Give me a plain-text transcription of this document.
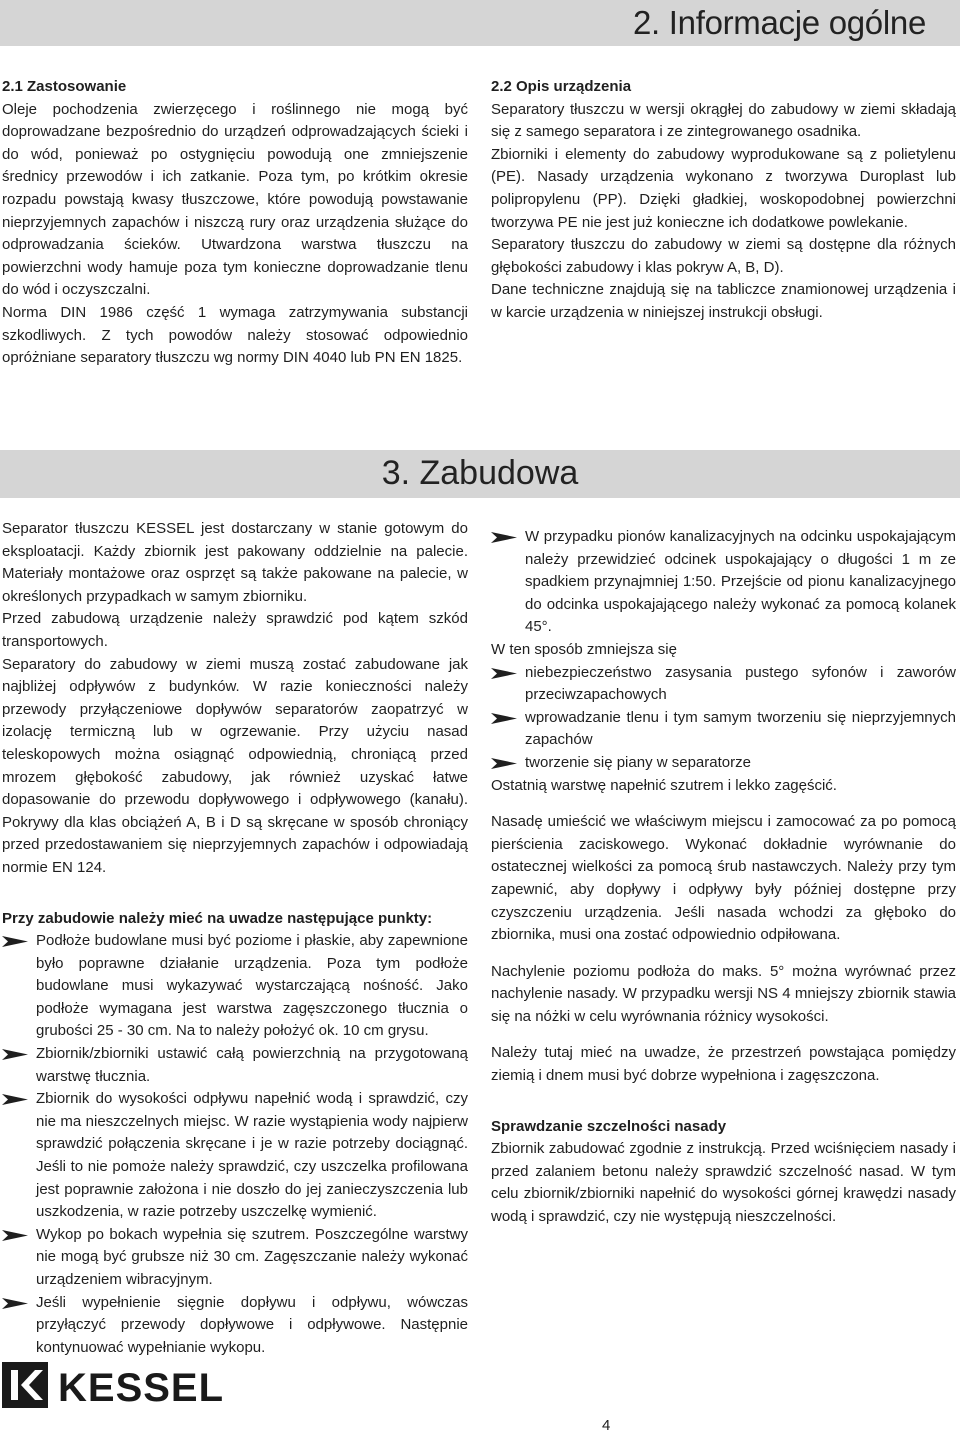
2. Informacje ogólne

2.1 Zastosowanie

Oleje pochodzenia zwierzęcego i roślinnego nie mogą być doprowadzane bezpośrednio do urządzeń odprowadzających ścieki i do wód, ponieważ po ostygnięciu powodują one zmniejszenie średnicy przewodów i ich zatkanie. Poza tym, po krótkim okresie rozpadu powstają kwasy tłuszczowe, które powodują powstawanie nieprzyjemnych zapachów i niszczą rury oraz urządzenia służące do odprowadzania ścieków. Utwardzona warstwa tłuszczu na powierzchni wody hamuje poza tym konieczne doprowadzanie tlenu do wód i oczyszczalni.

Norma DIN 1986 część 1 wymaga zatrzymywania substancji szkodliwych. Z tych powodów należy stosować odpowiednio opróżniane separatory tłuszczu wg normy DIN 4040 lub PN EN 1825.

2.2 Opis urządzenia

Separatory tłuszczu w wersji okrągłej do zabudowy w ziemi składają się z samego separatora i ze zintegrowanego osadnika.

Zbiorniki i elementy do zabudowy wyprodukowane są z polietylenu (PE). Nasady urządzenia wykonano z tworzywa Duroplast lub polipropylenu (PP). Dzięki gładkiej, woskopodobnej powierzchni tworzywa PE nie jest już konieczne ich dodatkowe powlekanie.

Separatory tłuszczu do zabudowy w ziemi są dostępne dla różnych głębokości zabudowy i klas pokryw A, B, D).

Dane techniczne znajdują się na tabliczce znamionowej urządzenia i w karcie urządzenia w niniejszej instrukcji obsługi.

3. Zabudowa

Separator tłuszczu KESSEL jest dostarczany w stanie gotowym do eksploatacji. Każdy zbiornik jest pakowany oddzielnie na palecie. Materiały montażowe oraz osprzęt są także pakowane na palecie, w określonych przypadkach w samym zbiorniku.

Przed zabudową urządzenie należy sprawdzić pod kątem szkód transportowych.

Separatory do zabudowy w ziemi muszą zostać zabudowane jak najbliżej odpływów z budynków. W razie konieczności należy przewody przyłączeniowe dopływów separatorów zaopatrzyć w izolację termiczną lub w ogrzewanie. Przy użyciu nasad teleskopowych można osiągnąć odpowiednią, chroniącą przed mrozem głębokość zabudowy, jak również uzyskać łatwe dopasowanie do przewodu dopływowego i odpływowego (kanału). Pokrywy dla klas obciążeń A, B i D są skręcane w sposób chroniący przed przedostawaniem się nieprzyjemnych zapachów i odpowiadają normie EN 124.

Przy zabudowie należy mieć na uwadze następujące punkty:

Podłoże budowlane musi być poziome i płaskie, aby zapewnione było poprawne działanie urządzenia. Poza tym podłoże budowlane musi wykazywać wystarczającą nośność. Jako podłoże wymagana jest warstwa zagęszczonego tłucznia o grubości 25 - 30 cm. Na to należy położyć ok. 10 cm grysu.
Zbiornik/zbiorniki ustawić całą powierzchnią na przygotowaną warstwę tłucznia.
Zbiornik do wysokości odpływu napełnić wodą i sprawdzić, czy nie ma nieszczelnych miejsc. W razie wystąpienia wody najpierw sprawdzić połączenia skręcane i je w razie potrzeby dociągnąć. Jeśli to nie pomoże należy sprawdzić, czy uszczelka profilowana jest poprawnie założona i nie doszło do jej zanieczyszczenia lub uszkodzenia, w razie potrzeby uszczelkę wymienić.
Wykop po bokach wypełnia się szutrem. Poszczególne warstwy nie mogą być grubsze niż 30 cm. Zagęszczanie należy wykonać urządzeniem wibracyjnym.
Jeśli wypełnienie sięgnie dopływu i odpływu, wówczas przyłączyć przewody dopływowe i odpływowe. Następnie kontynuować wypełnianie wykopu.
W przypadku pionów kanalizacyjnych na odcinku uspokajającym należy przewidzieć odcinek uspokajający o długości 1 m ze spadkiem przynajmniej 1:50. Przejście od pionu kanalizacyjnego do odcinka uspokajającego należy wykonać za pomocą kolanek 45°.

W ten sposób zmniejsza się

niebezpieczeństwo zasysania pustego syfonów i zaworów przeciwzapachowych
wprowadzanie tlenu i tym samym tworzeniu się nieprzyjemnych zapachów
tworzenie się piany w separatorze

Ostatnią warstwę napełnić szutrem i lekko zagęścić.

Nasadę umieścić we właściwym miejscu i zamocować za po pomocą pierścienia zaciskowego. Wykonać dokładnie wyrównanie do ostatecznej wielkości za pomocą śrub nastawczych. Należy przy tym zapewnić, aby dopływy i odpływy były później dostępne przy czyszczeniu urządzenia. Jeśli nasada wchodzi za głęboko do zbiornika, musi ona zostać odpowiednio odpiłowana.

Nachylenie poziomu podłoża do maks. 5° można wyrównać przez nachylenie nasady. W przypadku wersji NS 4 mniejszy zbiornik stawia się na nóżki w celu wyrównania różnicy wysokości.

Należy tutaj mieć na uwadze, że przestrzeń powstająca pomiędzy ziemią i dnem musi być dobrze wypełniona i zagęszczona.

Sprawdzanie szczelności nasady

Zbiornik zabudować zgodnie z instrukcją. Przed wciśnięciem nasady i przed zalaniem betonu należy sprawdzić szczelność nasad. W tym celu zbiornik/zbiorniki napełnić do wysokości górnej krawędzi nasady wodą i sprawdzić, czy nie występują nieszczelności.

KESSEL
4
